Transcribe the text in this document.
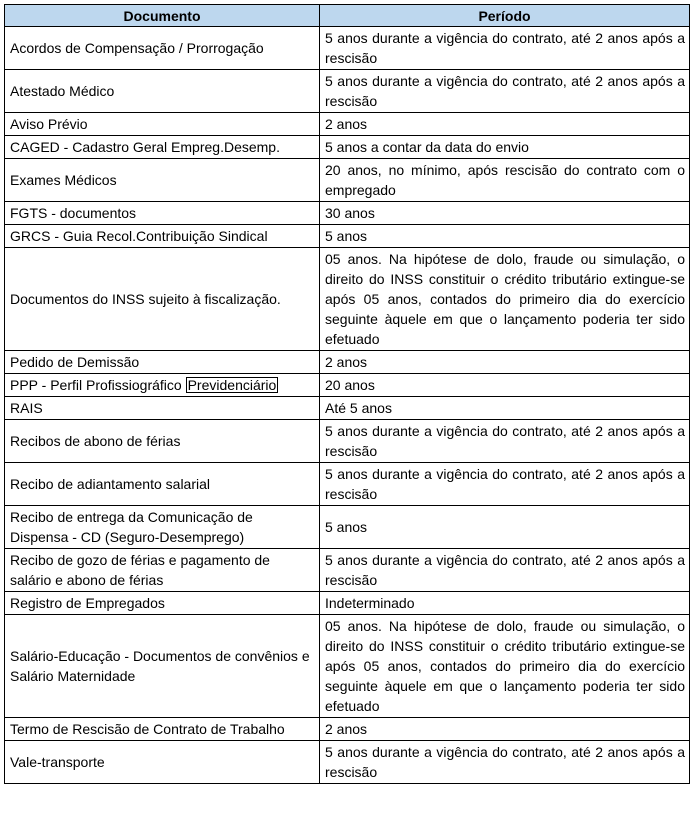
Documento	Período
Acordos de Compensação / Prorrogação	5 anos durante a vigência do contrato, até 2 anos após a rescisão
Atestado Médico	5 anos durante a vigência do contrato, até 2 anos após a rescisão
Aviso Prévio	2 anos
CAGED - Cadastro Geral Empreg.Desemp.	5 anos a contar da data do envio
Exames Médicos	20 anos, no mínimo, após rescisão do contrato com o empregado
FGTS - documentos	30 anos
GRCS - Guia Recol.Contribuição Sindical	5 anos
Documentos do INSS sujeito à fiscalização.	05 anos. Na hipótese de dolo, fraude ou simulação, o direito do INSS constituir o crédito tributário extingue-se após 05 anos, contados do primeiro dia do exercício seguinte àquele em que o lançamento poderia ter sido efetuado
Pedido de Demissão	2 anos
PPP - Perfil Profissiográfico Previdenciário	20 anos
RAIS	Até 5 anos
Recibos de abono de férias	5 anos durante a vigência do contrato, até 2 anos após a rescisão
Recibo de adiantamento salarial	5 anos durante a vigência do contrato, até 2 anos após a rescisão
Recibo de entrega da Comunicação de Dispensa - CD (Seguro-Desemprego)	5 anos
Recibo de gozo de férias e pagamento de salário e abono de férias	5 anos durante a vigência do contrato, até 2 anos após a rescisão
Registro de Empregados	Indeterminado
Salário-Educação - Documentos de convênios e Salário Maternidade	05 anos. Na hipótese de dolo, fraude ou simulação, o direito do INSS constituir o crédito tributário extingue-se após 05 anos, contados do primeiro dia do exercício seguinte àquele em que o lançamento poderia ter sido efetuado
Termo de Rescisão de Contrato de Trabalho	2 anos
Vale-transporte	5 anos durante a vigência do contrato, até 2 anos após a rescisão
